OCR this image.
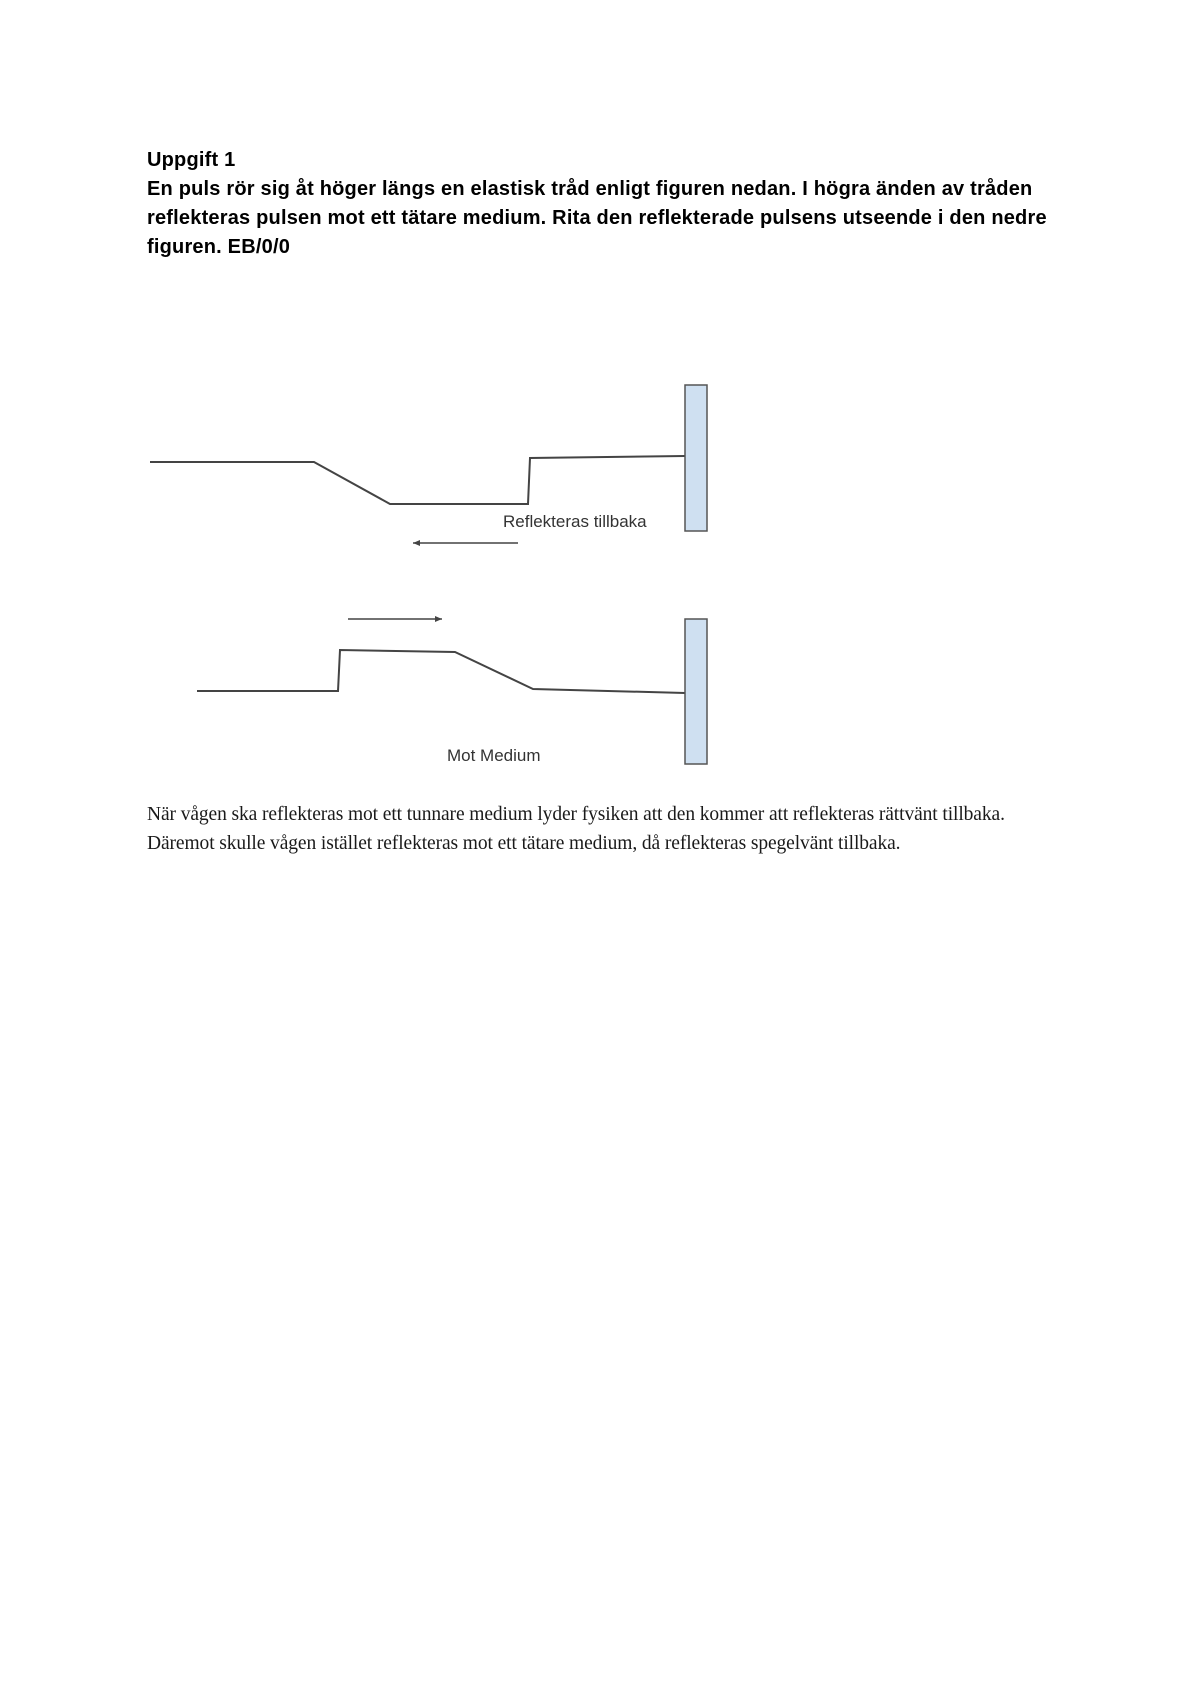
Uppgift 1
En puls rör sig åt höger längs en elastisk tråd enligt figuren nedan. I högra änden av tråden reflekteras pulsen mot ett tätare medium. Rita den reflekterade pulsens utseende i den nedre figuren. EB/0/0
Reflekteras tillbaka
Mot Medium
När vågen ska reflekteras mot ett tunnare medium lyder fysiken att den kommer att reflekteras rättvänt tillbaka. Däremot skulle vågen istället reflekteras mot ett tätare medium, då reflekteras spegelvänt tillbaka.
